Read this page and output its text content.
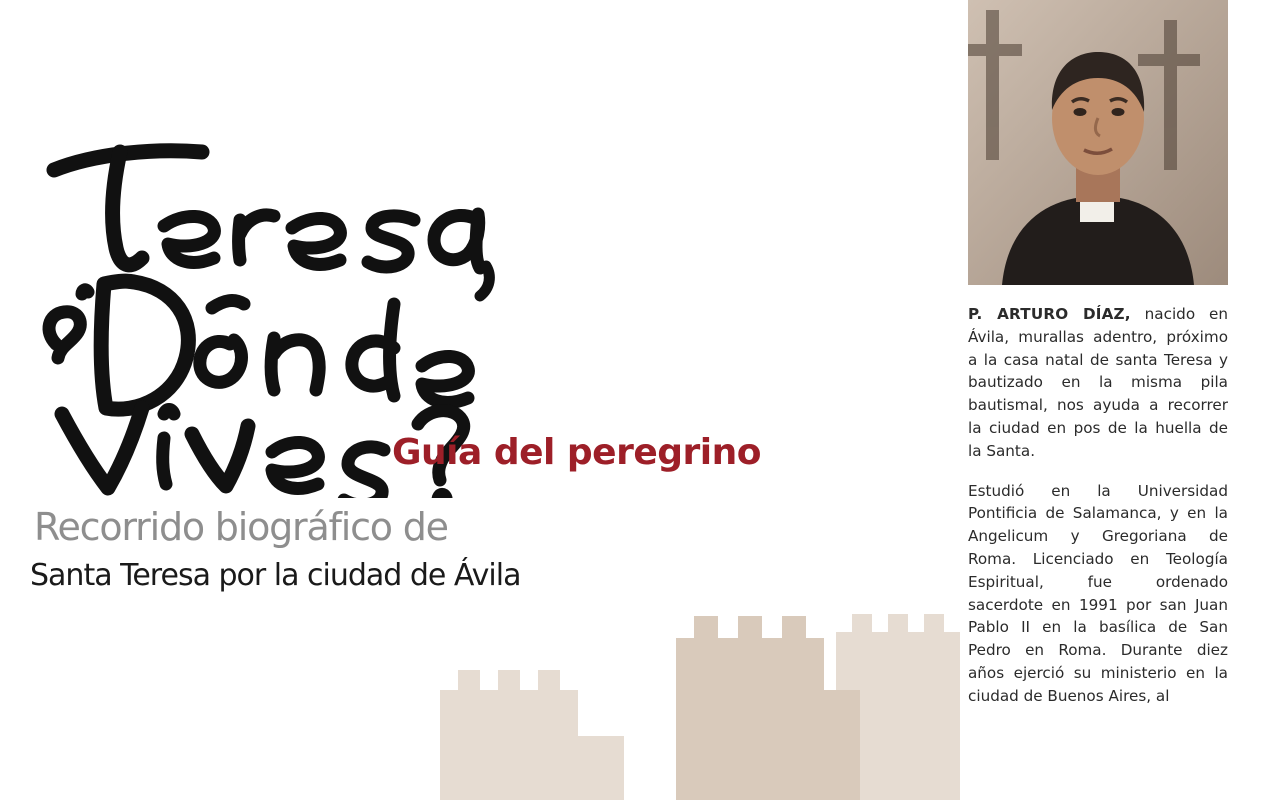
Guía del peregrino
Recorrido biográfico de
Santa Teresa por la ciudad de Ávila

P. ARTURO DÍAZ, nacido en Ávila, murallas adentro, próximo a la casa natal de santa Teresa y bautizado en la misma pila bautismal, nos ayuda a recorrer la ciudad en pos de la huella de la Santa.

Estudió en la Universidad Pontificia de Salamanca, y en la Angelicum y Gregoriana de Roma. Licenciado en Teología Espiritual, fue ordenado sacerdote en 1991 por san Juan Pablo II en la basílica de San Pedro en Roma. Durante diez años ejerció su ministerio en la ciudad de Buenos Aires, al
